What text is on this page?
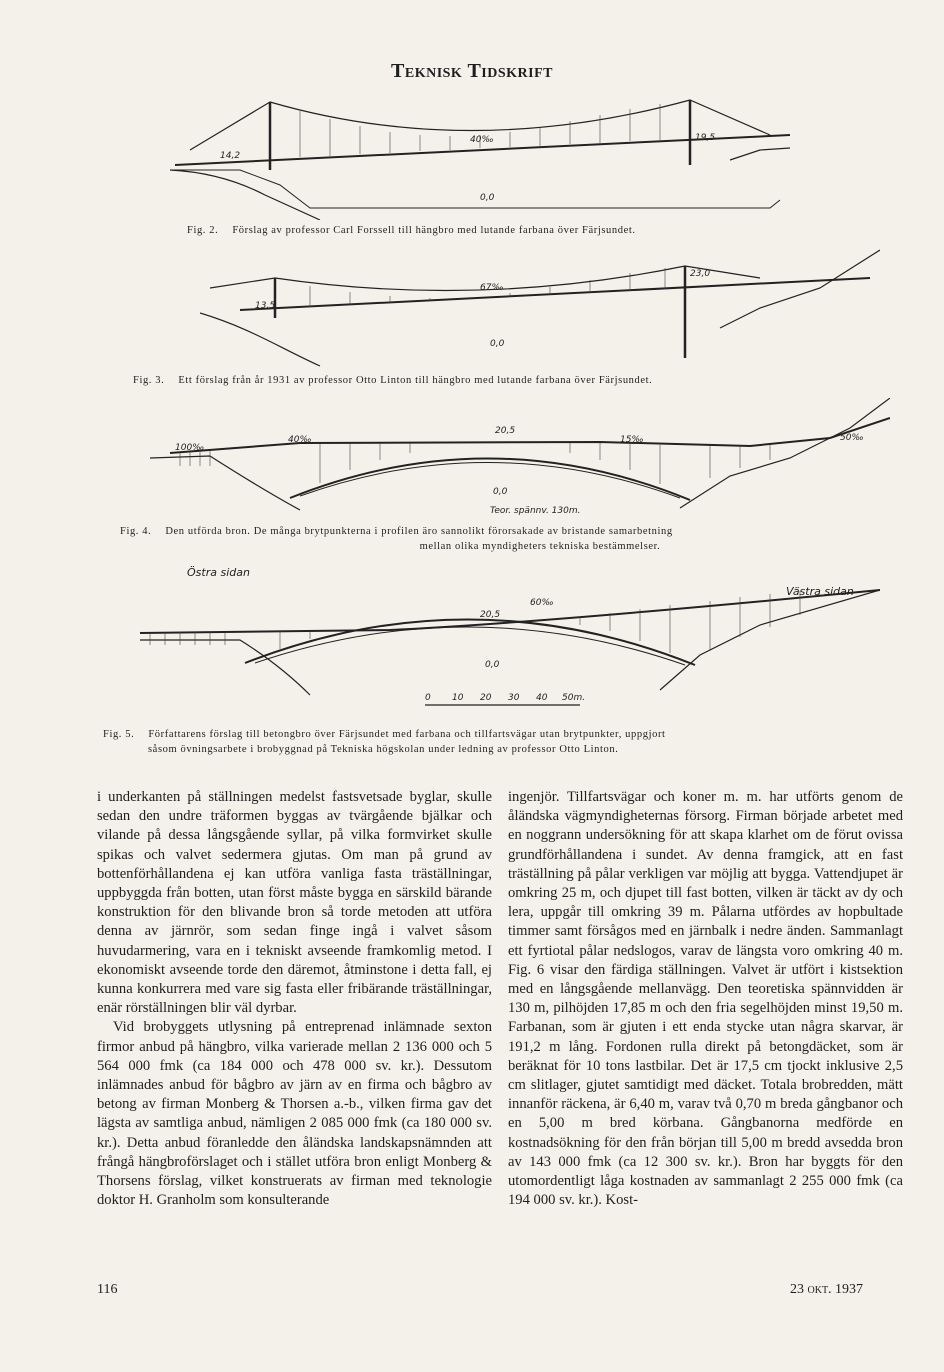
Teknisk Tidskrift
14,2
40‰	19,5
0,0
Fig. 2. Förslag av professor Carl Forssell till hängbro med lutande farbana över Färjsundet.
67‰
23,0
13,5
0,0
Fig. 3. Ett förslag från år 1931 av professor Otto Linton till hängbro med lutande farbana över Färjsundet.
100‰
40‰
20,5
15‰	50‰
0,0
Teor. spännv. 130m.
Fig. 4. Den utförda bron. De många brytpunkterna i profilen äro sannolikt förorsakade av bristande samarbetning
mellan olika myndigheters tekniska bestämmelser.
Östra sidan
Västra sidan
20,5
60‰
0,0
0 10 20 30 40 50m.
Fig. 5. Författarens förslag till betongbro över Färjsundet med farbana och tillfartsvägar utan brytpunkter, uppgjort
såsom övningsarbete i brobyggnad på Tekniska högskolan under ledning av professor Otto Linton.

i underkanten på ställningen medelst fastsvetsade byglar, skulle sedan den undre träformen byggas av tvärgående bjälkar och vilande på dessa långsgående syllar, på vilka formvirket skulle spikas och valvet sedermera gjutas. Om man på grund av bottenförhållandena ej kan utföra vanliga fasta träställningar, uppbyggda från botten, utan först måste bygga en särskild bärande konstruktion för den blivande bron så torde metoden att utföra denna av järnrör, som sedan finge ingå i valvet såsom huvudarmering, vara en i tekniskt avseende framkomlig metod. I ekonomiskt avseende torde den däremot, åtminstone i detta fall, ej kunna konkurrera med vare sig fasta eller fribärande träställningar, enär rörställningen blir väl dyrbar.

Vid brobyggets utlysning på entreprenad inlämnade sexton firmor anbud på hängbro, vilka varierade mellan 2 136 000 och 5 564 000 fmk (ca 184 000 och 478 000 sv. kr.). Dessutom inlämnades anbud för bågbro av järn av en firma och bågbro av betong av firman Monberg & Thorsen a.-b., vilken firma gav det lägsta av samtliga anbud, nämligen 2 085 000 fmk (ca 180 000 sv. kr.). Detta anbud föranledde den åländska landskapsnämnden att frångå hängbroförslaget och i stället utföra bron enligt Monberg & Thorsens förslag, vilket konstruerats av firman med teknologie doktor H. Granholm som konsulterande

ingenjör. Tillfartsvägar och koner m. m. har utförts genom de åländska vägmyndigheternas försorg. Firman började arbetet med en noggrann undersökning för att skapa klarhet om de förut ovissa grundförhållandena i sundet. Av denna framgick, att en fast träställning på pålar verkligen var möjlig att bygga. Vattendjupet är omkring 25 m, och djupet till fast botten, vilken är täckt av dy och lera, uppgår till omkring 39 m. Pålarna utfördes av hopbultade timmer samt försågos med en järnbalk i nedre änden. Sammanlagt ett fyrtiotal pålar nedslogos, varav de längsta voro omkring 40 m. Fig. 6 visar den färdiga ställningen. Valvet är utfört i kistsektion med en långsgående mellanvägg. Den teoretiska spännvidden är 130 m, pilhöjden 17,85 m och den fria segelhöjden minst 19,50 m. Farbanan, som är gjuten i ett enda stycke utan några skarvar, är 191,2 m lång. Fordonen rulla direkt på betongdäcket, som är beräknat för 10 tons lastbilar. Det är 17,5 cm tjockt inklusive 2,5 cm slitlager, gjutet samtidigt med däcket. Totala brobredden, mätt innanför räckena, är 6,40 m, varav två 0,70 m breda gångbanor och en 5,00 m bred körbana. Gångbanorna medförde en kostnadsökning för den från början till 5,00 m bredd avsedda bron av 143 000 fmk (ca 12 300 sv. kr.). Bron har byggts för den utomordentligt låga kostnaden av sammanlagt 2 255 000 fmk (ca 194 000 sv. kr.). Kost-

116	23 okt. 1937
